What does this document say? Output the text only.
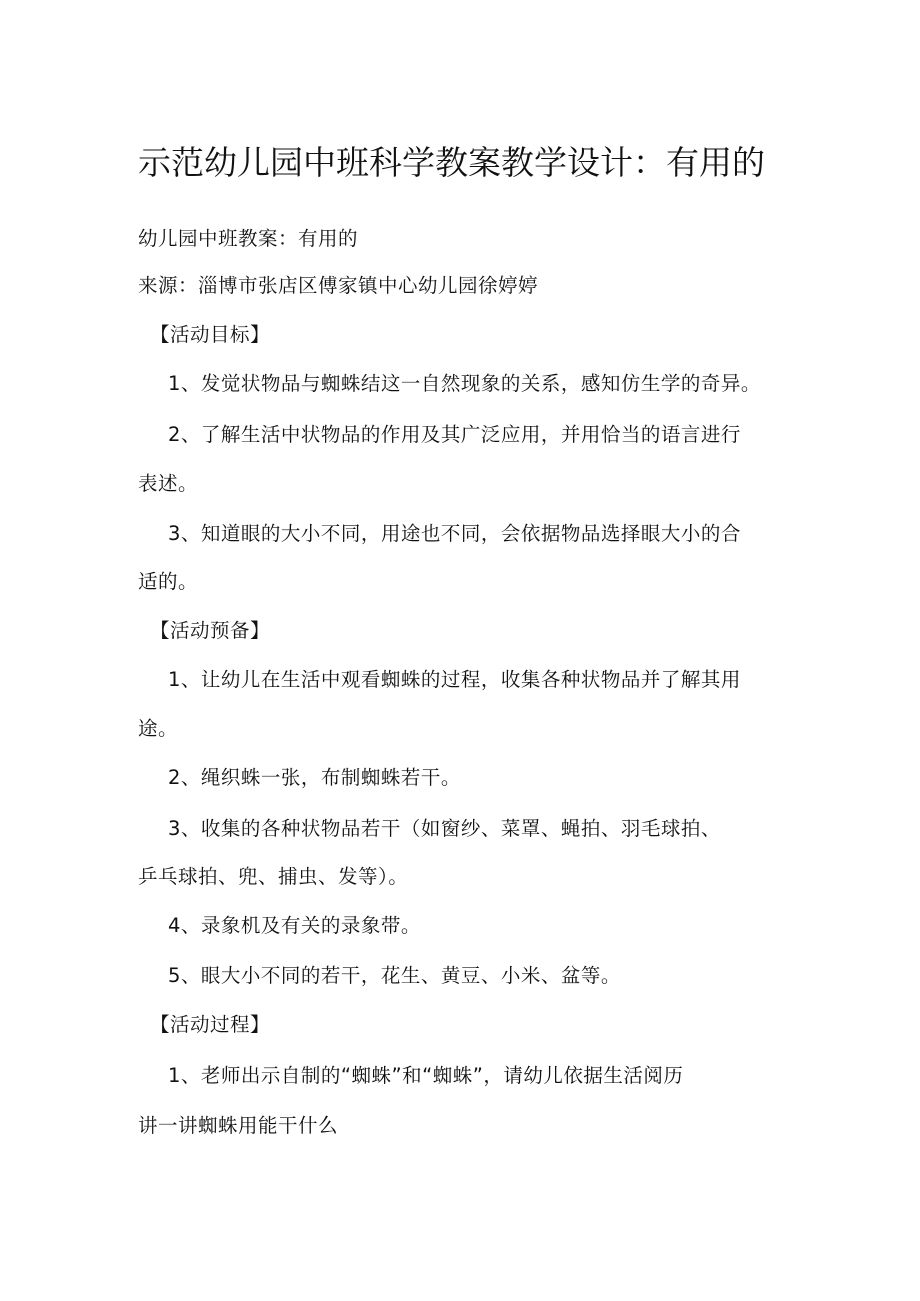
示范幼儿园中班科学教案教学设计：有用的

幼儿园中班教案：有用的

来源：淄博市张店区傅家镇中心幼儿园徐婷婷

【活动目标】

1、发觉状物品与蜘蛛结这一自然现象的关系，感知仿生学的奇异。

2、了解生活中状物品的作用及其广泛应用，并用恰当的语言进行

表述。

3、知道眼的大小不同，用途也不同，会依据物品选择眼大小的合

适的。

【活动预备】

1、让幼儿在生活中观看蜘蛛的过程，收集各种状物品并了解其用

途。

2、绳织蛛一张，布制蜘蛛若干。

3、收集的各种状物品若干（如窗纱、菜罩、蝇拍、羽毛球拍、

乒乓球拍、兜、捕虫、发等）。

4、录象机及有关的录象带。

5、眼大小不同的若干，花生、黄豆、小米、盆等。

【活动过程】

1、老师出示自制的“蜘蛛”和“蜘蛛”，请幼儿依据生活阅历

讲一讲蜘蛛用能干什么
